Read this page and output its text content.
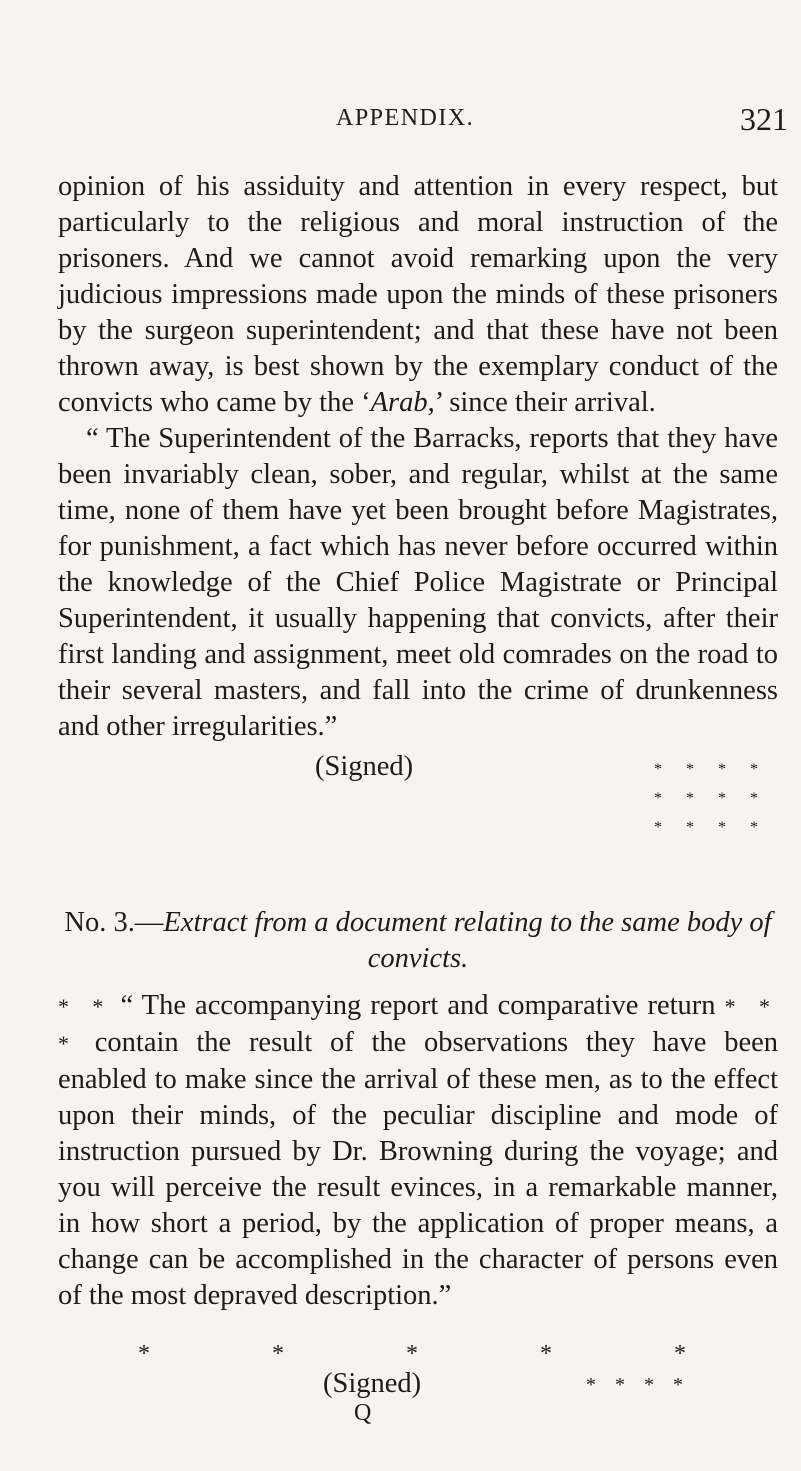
APPENDIX.	321

opinion of his assiduity and attention in every respect, but particularly to the religious and moral instruction of the prisoners. And we cannot avoid remarking upon the very judicious impressions made upon the minds of these prisoners by the surgeon superintendent; and that these have not been thrown away, is best shown by the exemplary conduct of the convicts who came by the ‘Arab,’ since their arrival.

“ The Superintendent of the Barracks, reports that they have been invariably clean, sober, and regular, whilst at the same time, none of them have yet been brought before Magistrates, for punishment, a fact which has never before occurred within the knowledge of the Chief Police Magistrate or Principal Superintendent, it usually happening that convicts, after their first landing and assignment, meet old comrades on the road to their several masters, and fall into the crime of drunkenness and other irregularities.”

(Signed)	* * * *
* * * *
* * * *
No. 3.—Extract from a document relating to the same body of convicts.

* * “ The accompanying report and comparative return * * * contain the result of the observations they have been enabled to make since the arrival of these men, as to the effect upon their minds, of the peculiar discipline and mode of instruction pursued by Dr. Browning during the voyage; and you will perceive the result evinces, in a remarkable manner, in how short a period, by the application of proper means, a change can be accomplished in the character of persons even of the most depraved description.”

* * * * *
(Signed)	* * * *
Q
